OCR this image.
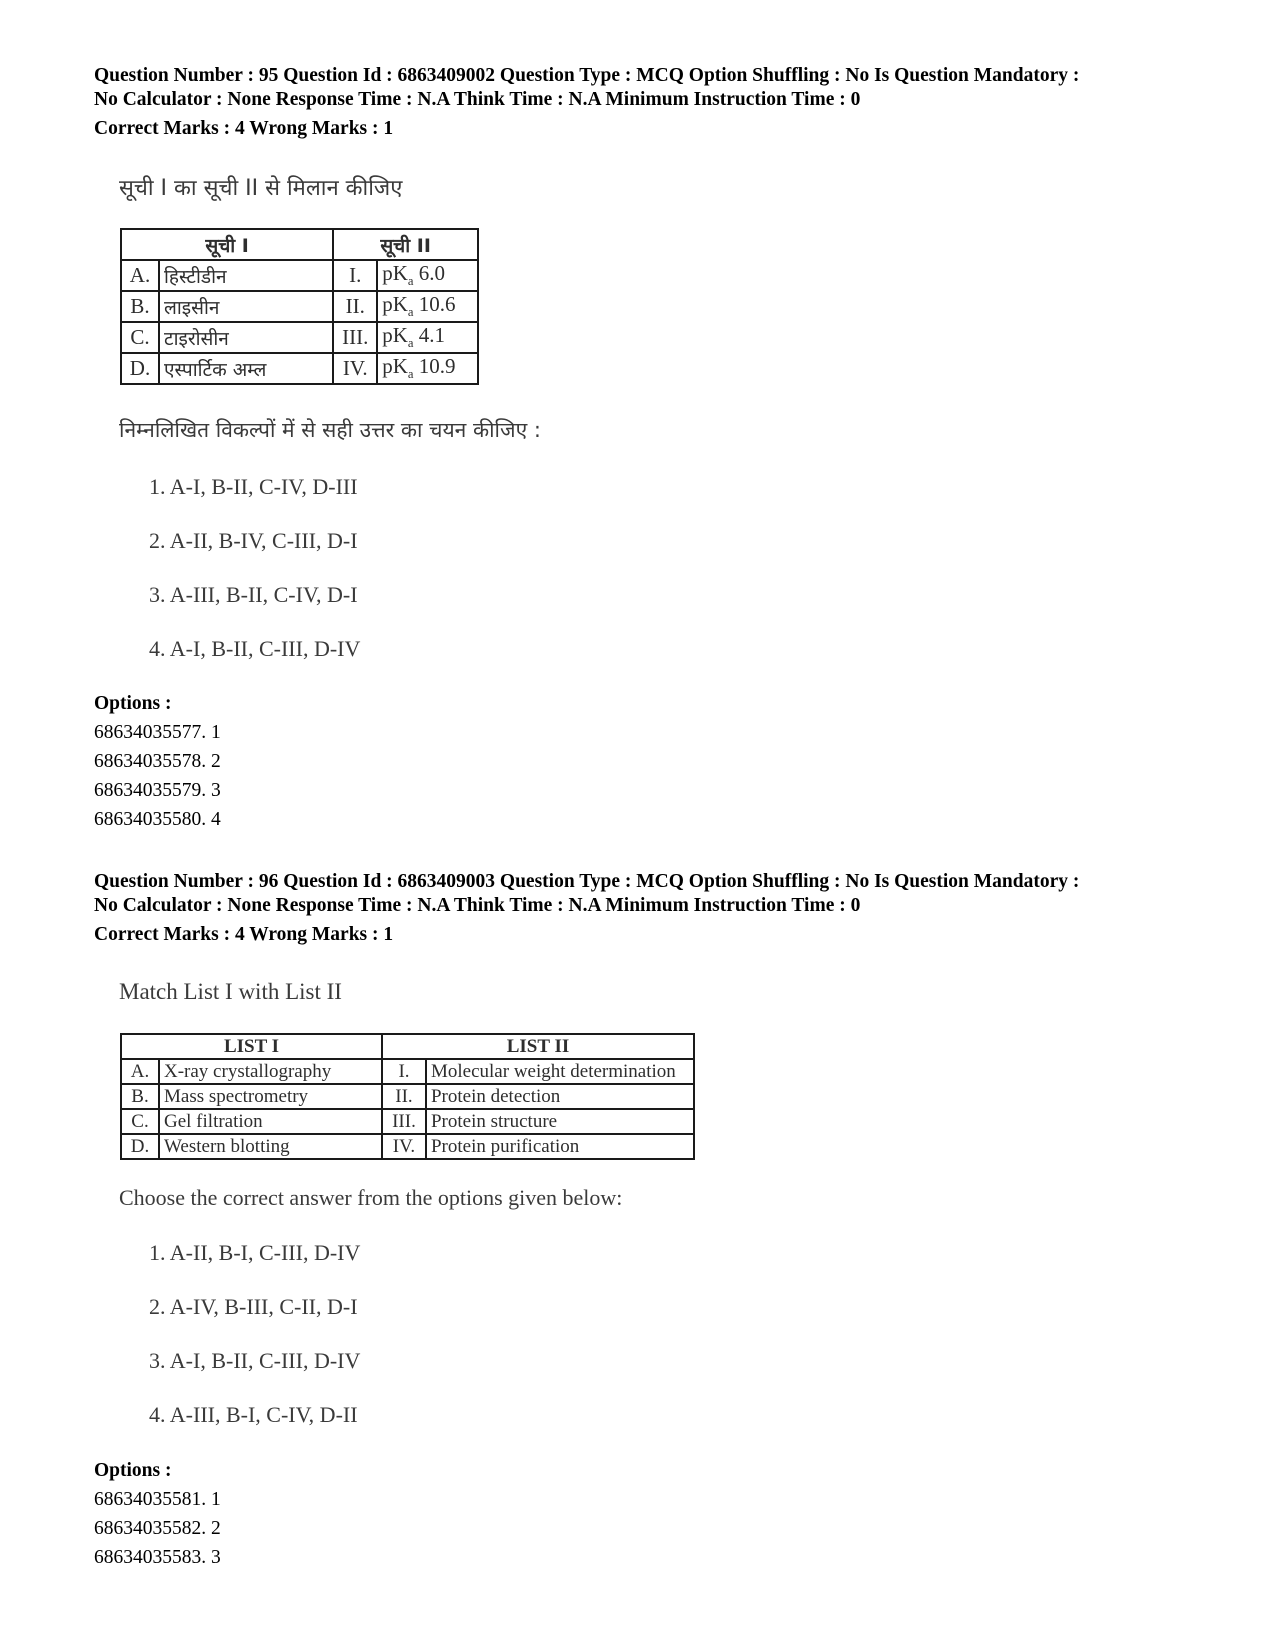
Question Number : 95 Question Id : 6863409002 Question Type : MCQ Option Shuffling : No Is Question Mandatory :
No Calculator : None Response Time : N.A Think Time : N.A Minimum Instruction Time : 0
Correct Marks : 4 Wrong Marks : 1
सूची I का सूची II से मिलान कीजिए
सूची I		सूची II	
A.	हिस्टीडीन	I.	$pK_a$ 6.0
B.	लाइसीन	II.	$pK_a$ 10.6
C.	टाइरोसीन	III.	$pK_a$ 4.1
D.	एस्पार्टिक अम्ल	IV.	$pK_a$ 10.9
निम्नलिखित विकल्पों में से सही उत्तर का चयन कीजिए :
1. A-I, B-II, C-IV, D-III
2. A-II, B-IV, C-III, D-I
3. A-III, B-II, C-IV, D-I
4. A-I, B-II, C-III, D-IV
Options :
68634035577. 1
68634035578. 2
68634035579. 3
68634035580. 4
Question Number : 96 Question Id : 6863409003 Question Type : MCQ Option Shuffling : No Is Question Mandatory :
No Calculator : None Response Time : N.A Think Time : N.A Minimum Instruction Time : 0
Correct Marks : 4 Wrong Marks : 1
Match List I with List II
LIST I		LIST II	
A.	X-ray crystallography	I.	Molecular weight determination
B.	Mass spectrometry	II.	Protein detection
C.	Gel filtration	III.	Protein structure
D.	Western blotting	IV.	Protein purification
Choose the correct answer from the options given below:
1. A-II, B-I, C-III, D-IV
2. A-IV, B-III, C-II, D-I
3. A-I, B-II, C-III, D-IV
4. A-III, B-I, C-IV, D-II
Options :
68634035581. 1
68634035582. 2
68634035583. 3
